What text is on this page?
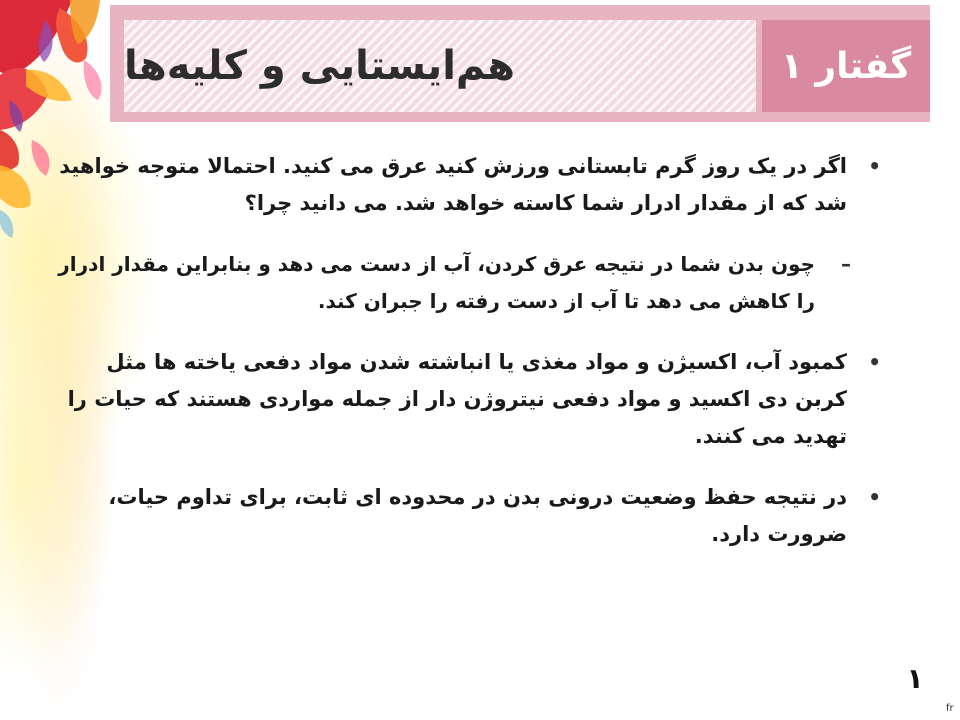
هم‌ایستایی و کلیه‌ها	گفتار ۱
•
اگر در یک روز گرم تابستانی ورزش کنید عرق می کنید. احتمالا متوجه خواهید شد که از مقدار ادرار شما کاسته خواهد شد. می دانید چرا؟
–
چون بدن شما در نتیجه عرق کردن، آب از دست می دهد و بنابراین مقدار ادرار را کاهش می دهد تا آب از دست رفته را جبران کند.
•
کمبود آب، اکسیژن و مواد مغذی یا انباشته شدن مواد دفعی یاخته ها مثل کربن دی اکسید و مواد دفعی نیتروژن دار از جمله مواردی هستند که حیات را تهدید می کنند.
•
در نتیجه حفظ وضعیت درونی بدن در محدوده ای ثابت، برای تداوم حیات، ضرورت دارد.
۱
fr
